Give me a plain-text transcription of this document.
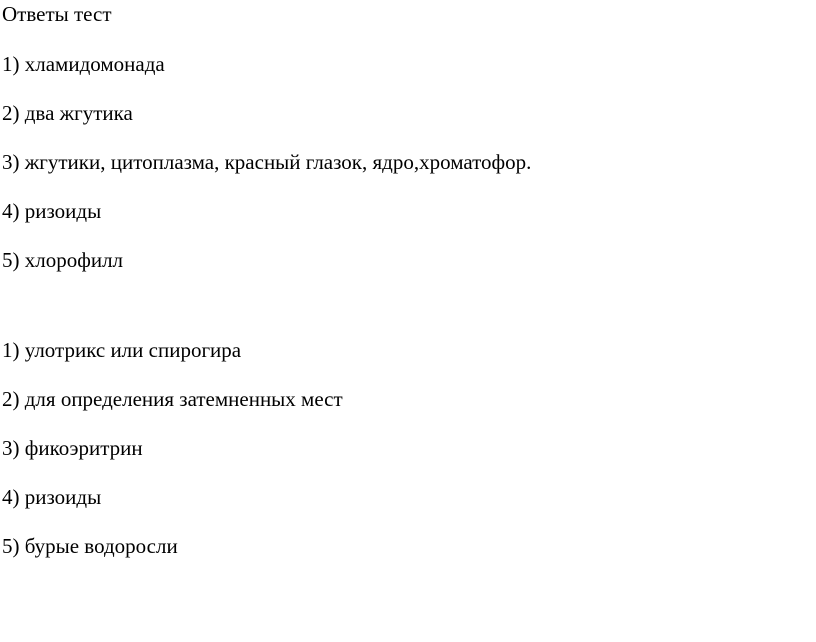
Ответы тест

1) хламидомонада

2) два жгутика

3) жгутики, цитоплазма, красный глазок, ядро,хроматофор.

4) ризоиды

5) хлорофилл

1) улотрикс или спирогира

2) для определения затемненных мест

3) фикоэритрин

4) ризоиды

5) бурые водоросли
